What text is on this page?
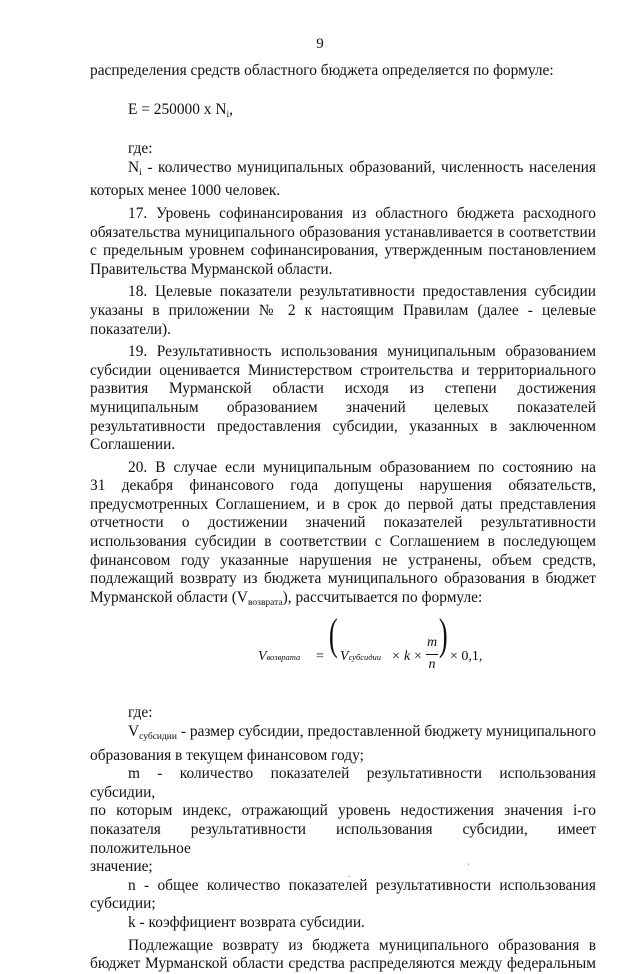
9

распределения средств областного бюджета определяется по формуле:

E = 250000 x $N_i$,

где:

$N_i$ - количество муниципальных образований, численность населения

которых менее 1000 человек.

17. Уровень софинансирования из областного бюджета расходного

обязательства муниципального образования устанавливается в соответствии

с предельным уровнем софинансирования, утвержденным постановлением

Правительства Мурманской области.

18. Целевые показатели результативности предоставления субсидии

указаны в приложении № 2 к настоящим Правилам (далее - целевые

показатели).

19. Результативность использования муниципальным образованием

субсидии оценивается Министерством строительства и территориального

развития Мурманской области исходя из степени достижения

муниципальным образованием значений целевых показателей

результативности предоставления субсидии, указанных в заключенном

Соглашении.

20. В случае если муниципальным образованием по состоянию на

31 декабря финансового года допущены нарушения обязательств,

предусмотренных Соглашением, и в срок до первой даты представления

отчетности о достижении значений показателей результативности

использования субсидии в соответствии с Соглашением в последующем

финансовом году указанные нарушения не устранены, объем средств,

подлежащий возврату из бюджета муниципального образования в бюджет

Мурманской области $(V_{возврата})$, рассчитывается по формуле:

Vвозврата = ( Vсубсидии × k ×
m
n
) × 0,1,

где:

$V_{субсидии}$ - размер субсидии, предоставленной бюджету муниципального

образования в текущем финансовом году;

m - количество показателей результативности использования субсидии,

по которым индекс, отражающий уровень недостижения значения i-го

показателя результативности использования субсидии, имеет положительное

значение;

n - общее количество показателей результативности использования

субсидии;

k - коэффициент возврата субсидии.

Подлежащие возврату из бюджета муниципального образования в

бюджет Мурманской области средства распределяются между федеральным

.
'
